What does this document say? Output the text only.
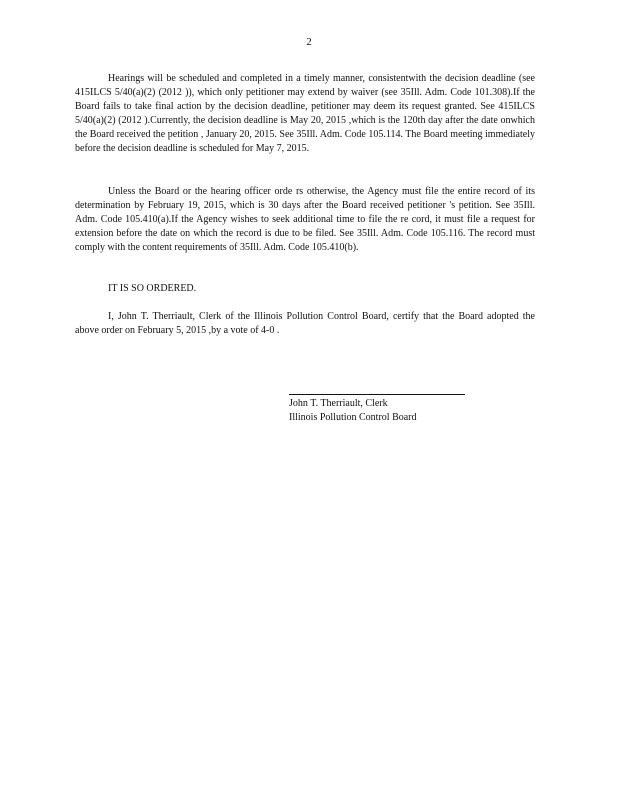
2

Hearings will be scheduled and completed in a timely manner, consistentwith the decision deadline (see 415ILCS 5/40(a)(2) (2012 )), which only petitioner may extend by waiver (see 35Ill. Adm. Code 101.308).If the Board fails to take final action by the decision deadline, petitioner may deem its request granted. See 415ILCS 5/40(a)(2) (2012 ).Currently, the decision deadline is May 20, 2015 ,which is the 120th day after the date onwhich the Board received the petition , January 20, 2015. See 35Ill. Adm. Code 105.114. The Board meeting immediately before the decision deadline is scheduled for May 7, 2015.

Unless the Board or the hearing officer orde rs otherwise, the Agency must file the entire record of its determination by February 19, 2015, which is 30 days after the Board received petitioner 's petition. See 35Ill. Adm. Code 105.410(a).If the Agency wishes to seek additional time to file the re cord, it must file a request for extension before the date on which the record is due to be filed. See 35Ill. Adm. Code 105.116. The record must comply with the content requirements of 35Ill. Adm. Code 105.410(b).

IT IS SO ORDERED.

I, John T. Therriault, Clerk of the Illinois Pollution Control Board, certify that the Board adopted the above order on February 5, 2015 ,by a vote of 4-0 .

John T. Therriault, Clerk
Illinois Pollution Control Board
